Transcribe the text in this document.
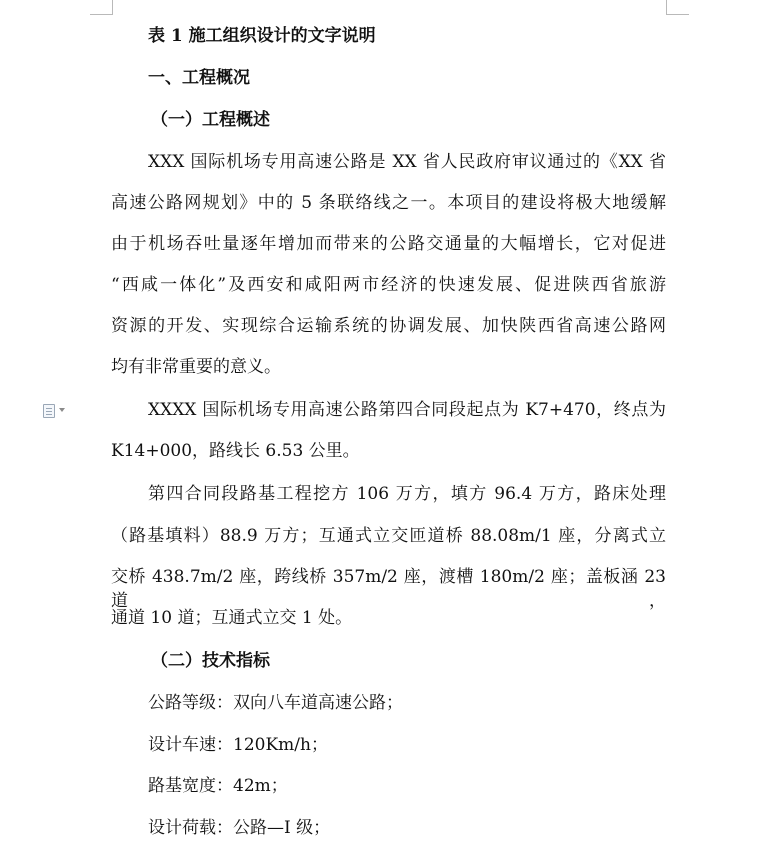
表 1 施工组织设计的文字说明
一、工程概况
（一）工程概述
XXX 国际机场专用高速公路是 XX 省人民政府审议通过的《XX 省
高速公路网规划》中的 5 条联络线之一。本项目的建设将极大地缓解
由于机场吞吐量逐年增加而带来的公路交通量的大幅增长，它对促进
“西咸一体化”及西安和咸阳两市经济的快速发展、促进陕西省旅游
资源的开发、实现综合运输系统的协调发展、加快陕西省高速公路网
均有非常重要的意义。
XXXX 国际机场专用高速公路第四合同段起点为 K7+470，终点为
K14+000，路线长 6.53 公里。
第四合同段路基工程挖方 106 万方，填方 96.4 万方，路床处理
（路基填料）88.9 万方；互通式立交匝道桥 88.08m/1 座，分离式立
交桥 438.7m/2 座，跨线桥 357m/2 座，渡槽 180m/2 座；盖板涵 23 道，
通道 10 道；互通式立交 1 处。
（二）技术指标
公路等级：双向八车道高速公路；
设计车速：120Km/h；
路基宽度：42m；
设计荷载：公路—I 级；
